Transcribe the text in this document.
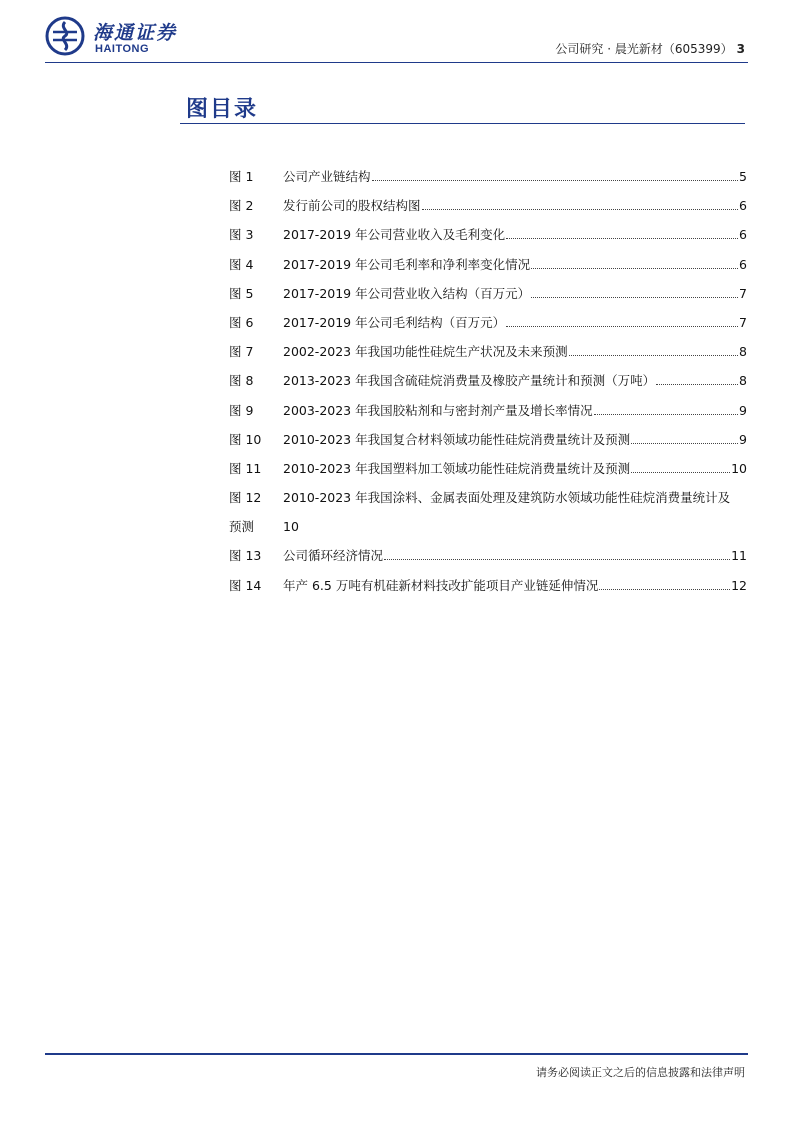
海通证券
HAITONG	公司研究 · 晨光新材（605399） 3
图目录
图 1 公司产业链结构	5
图 2 发行前公司的股权结构图	6
图 3 2017-2019 年公司营业收入及毛利变化	6
图 4 2017-2019 年公司毛利率和净利率变化情况	6
图 5 2017-2019 年公司营业收入结构（百万元）	7
图 6 2017-2019 年公司毛利结构（百万元）	7
图 7 2002-2023 年我国功能性硅烷生产状况及未来预测	8
图 8 2013-2023 年我国含硫硅烷消费量及橡胶产量统计和预测（万吨）	8
图 9 2003-2023 年我国胶粘剂和与密封剂产量及增长率情况	9
图 10 2010-2023 年我国复合材料领域功能性硅烷消费量统计及预测	9
图 11 2010-2023 年我国塑料加工领域功能性硅烷消费量统计及预测	10
图 12 2010-2023 年我国涂料、金属表面处理及建筑防水领域功能性硅烷消费量统计及
预测 10
图 13 公司循环经济情况	11
图 14 年产 6.5 万吨有机硅新材料技改扩能项目产业链延伸情况	12
请务必阅读正文之后的信息披露和法律声明
